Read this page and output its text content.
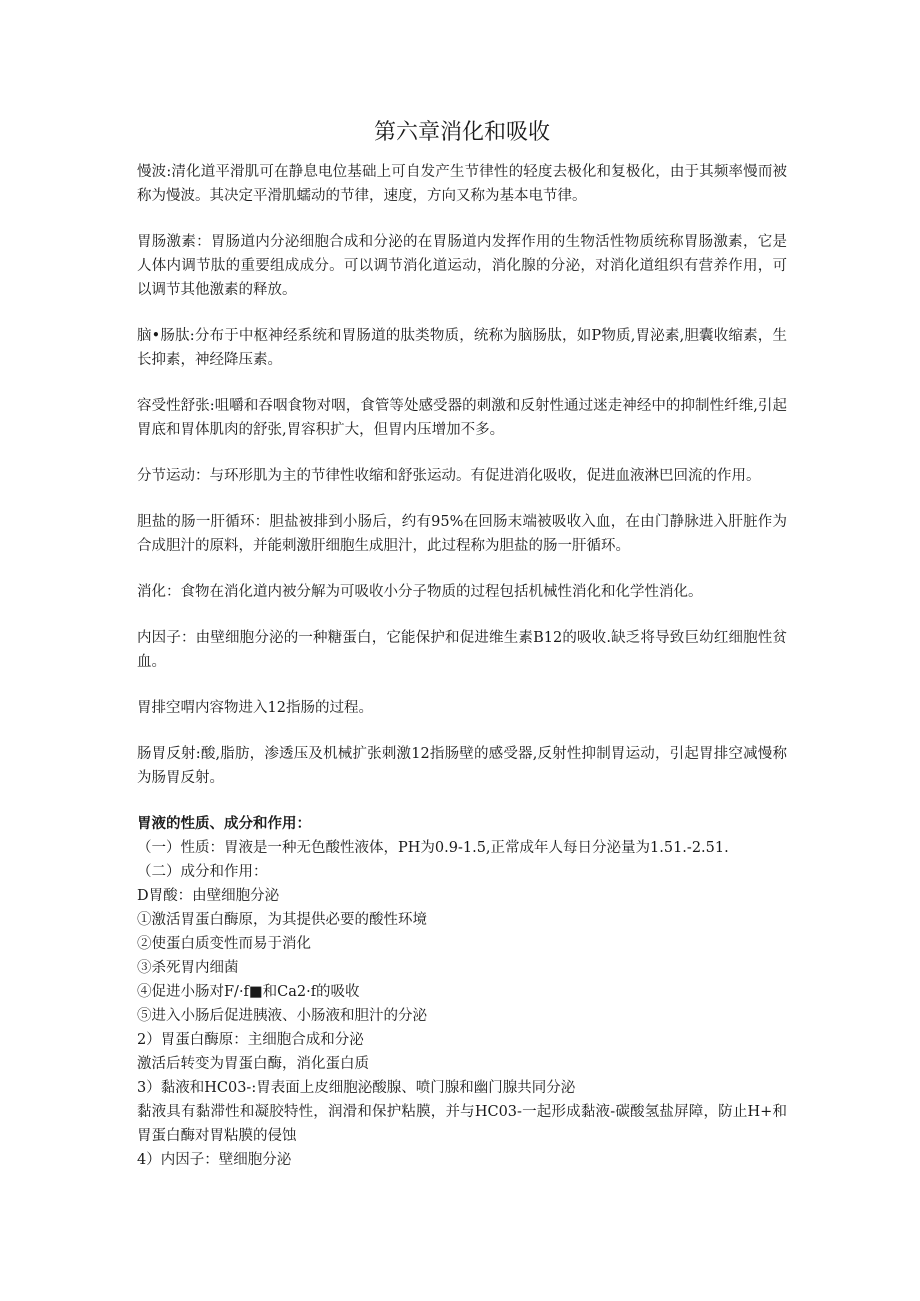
第六章消化和吸收

慢波:清化道平滑肌可在静息电位基础上可自发产生节律性的轻度去极化和复极化，由于其频率慢而被称为慢波。其决定平滑肌蠕动的节律，速度，方向又称为基本电节律。

胃肠激素：胃肠道内分泌细胞合成和分泌的在胃肠道内发挥作用的生物活性物质统称胃肠激素，它是人体内调节肽的重要组成成分。可以调节消化道运动，消化腺的分泌，对消化道组织有营养作用，可以调节其他激素的释放。

脑•肠肽:分布于中枢神经系统和胃肠道的肽类物质，统称为脑肠肽，如P物质,胃泌素,胆囊收缩素，生长抑素，神经降压素。

容受性舒张:咀嚼和吞咽食物对咽，食管等处感受器的刺激和反射性通过迷走神经中的抑制性纤维,引起胃底和胃体肌肉的舒张,胃容积扩大，但胃内压增加不多。

分节运动：与环形肌为主的节律性收缩和舒张运动。有促进消化吸收，促进血液淋巴回流的作用。

胆盐的肠一肝循环：胆盐被排到小肠后，约有95%在回肠末端被吸收入血，在由门静脉进入肝脏作为合成胆汁的原料，并能刺激肝细胞生成胆汁，此过程称为胆盐的肠一肝循环。

消化：食物在消化道内被分解为可吸收小分子物质的过程包括机械性消化和化学性消化。

内因子：由壁细胞分泌的一种糖蛋白，它能保护和促进维生素B12的吸收.缺乏将导致巨幼红细胞性贫血。

胃排空喟内容物进入12指肠的过程。

肠胃反射:酸,脂肪，渗透压及机械扩张刺激12指肠壁的感受器,反射性抑制胃运动，引起胃排空减慢称为肠胃反射。

胃液的性质、成分和作用：

（一）性质：胃液是一种无色酸性液体，PH为0.9-1.5,正常成年人每日分泌量为1.51.-2.51.

（二）成分和作用：

D胃酸：由壁细胞分泌

①激活胃蛋白酶原，为其提供必要的酸性环境

②使蛋白质变性而易于消化

③杀死胃内细菌

④促进小肠对F/·f■和Ca2·f的吸收

⑤进入小肠后促进胰液、小肠液和胆汁的分泌

2）胃蛋白酶原：主细胞合成和分泌

激活后转变为胃蛋白酶，消化蛋白质

3）黏液和HC03-:胃表面上皮细胞泌酸腺、喷门腺和幽门腺共同分泌

黏液具有黏滞性和凝胶特性，润滑和保护粘膜，并与HC03-一起形成黏液-碳酸氢盐屏障，防止H+和胃蛋白酶对胃粘膜的侵蚀

4）内因子：壁细胞分泌
